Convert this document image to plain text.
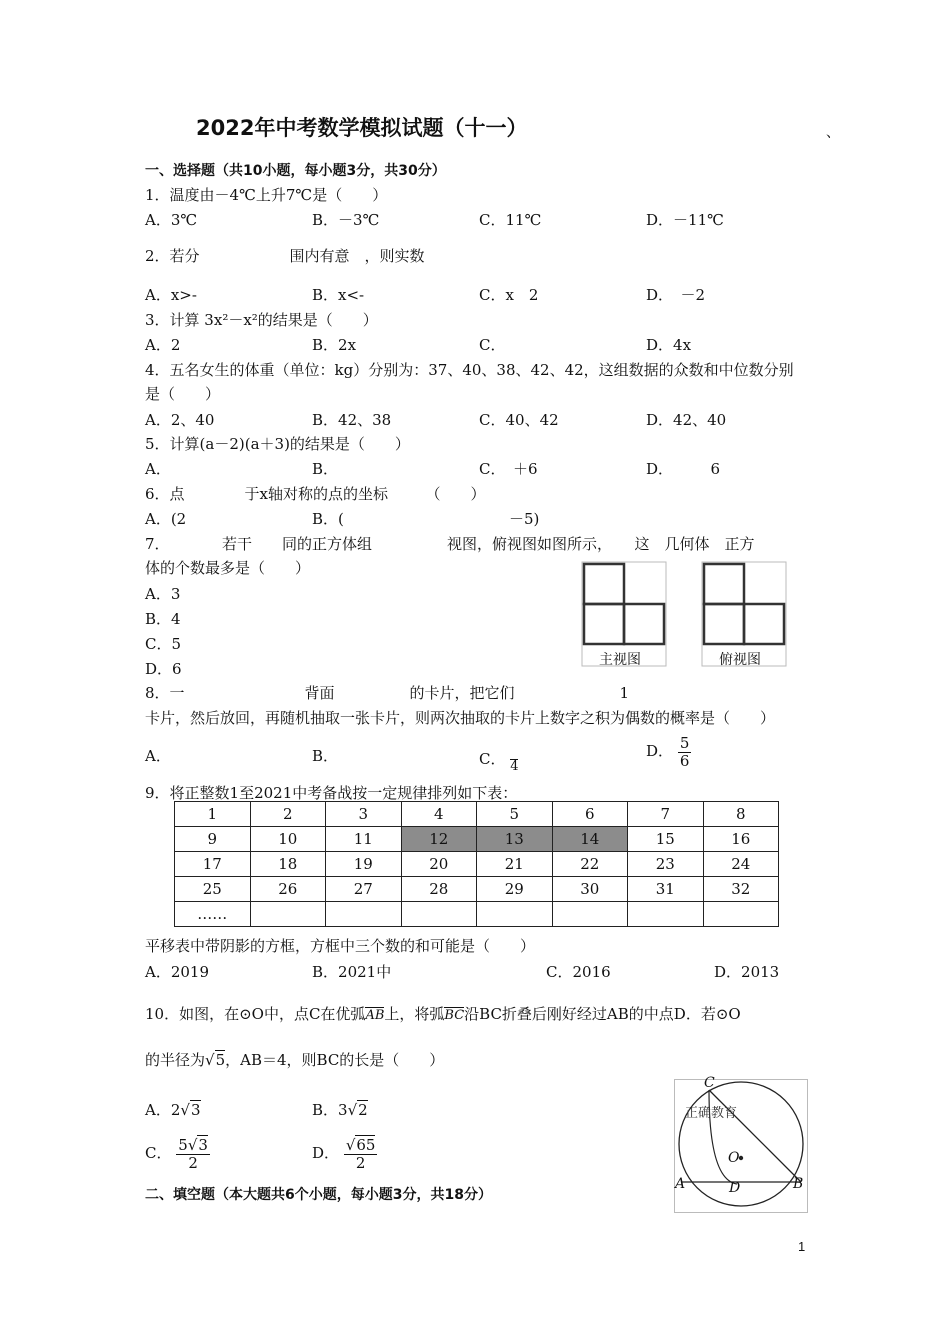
2022年中考数学模拟试题（十一）	、
一、选择题（共10小题，每小题3分，共30分）
1．温度由－4℃上升7℃是（　　）
A．3℃	B．－3℃	C．11℃	D．－11℃
2．若分　　　　　　围内有意　，则实数
A．x>-	B．x<-	C．x　2	D．　－2
3．计算 3x²－x²的结果是（　　）
A．2	B．2x	C．	D．4x
4．五名女生的体重（单位：kg）分别为：37、40、38、42、42，这组数据的众数和中位数分别
是（　　）
A．2、40	B．42、38	C．40、42	D．42、40
5．计算(a－2)(a＋3)的结果是（　　）
A．	B．	C．　＋6	D．　　　6
6．点　　　　于x轴对称的点的坐标　　　（　　）
A．(2	B．(	　　－5)
7．　　　　若干　　同的正方体组　　　　　视图，俯视图如图所示，　　这　几何体　正方
体的个数最多是（　　）
A．3
B．4
C．5
D．6	主视图	俯视图
8．一　　　　　　　　背面　　　　　的卡片，把它们　　　　　　　1　　　　　　　　　　　　　
卡片，然后放回，再随机抽取一张卡片，则两次抽取的卡片上数字之积为偶数的概率是（　　）
A．	B．	C．
4
D． $\frac{5}{6}$
9．将正整数1至2021中考备战按一定规律排列如下表：
1	2	3	4	5	6	7	8
9	10	11	12	13	14	15	16
17	18	19	20	21	22	23	24
25	26	27	28	29	30	31	32
……							
平移表中带阴影的方框，方框中三个数的和可能是（　　）
A．2019	B．2021中	C．2016	D．2013
10．如图，在⊙O中，点C在优弧AB上，将弧BC沿BC折叠后刚好经过AB的中点D．若⊙O
的半径为√5，AB＝4，则BC的长是（　　）
A．2√3	B．3√2
C． $\frac{5√3}{2}$	D． $\frac{√65}{2}$
C
O
A	D	B
正确教育
二、填空题（本大题共6个小题，每小题3分，共18分）
1
